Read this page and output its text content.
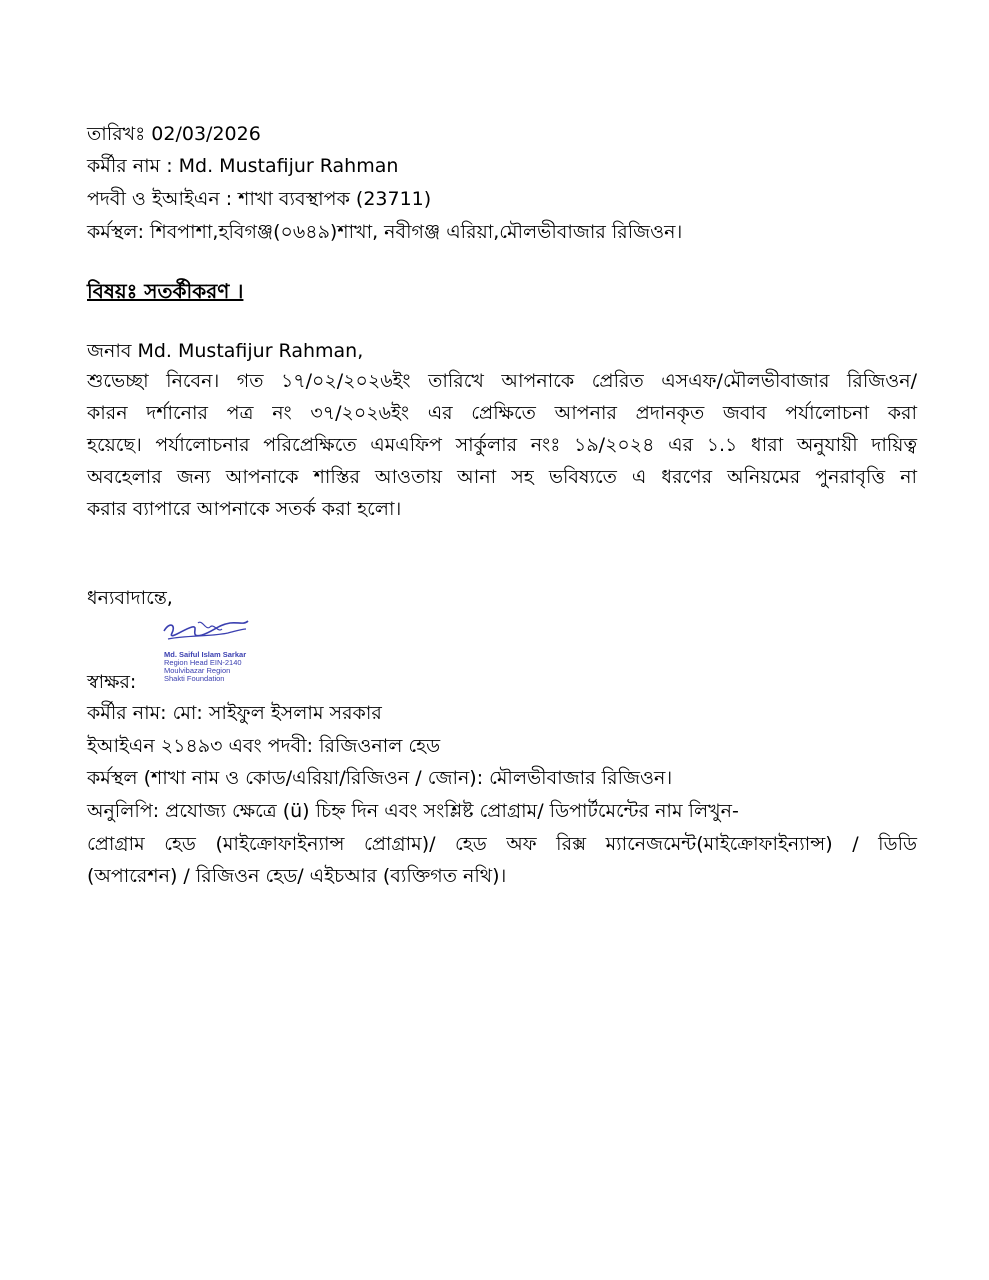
তারিখঃ 02/03/2026
কর্মীর নাম : Md. Mustafijur Rahman
পদবী ও ইআইএন : শাখা ব্যবস্থাপক (23711)
কর্মস্থল: শিবপাশা,হবিগঞ্জ(০৬৪৯)শাখা, নবীগঞ্জ এরিয়া,মৌলভীবাজার রিজিওন।
বিষয়ঃ সতর্কীকরণ ।
জনাব Md. Mustafijur Rahman,
শুভেচ্ছা নিবেন। গত ১৭/০২/২০২৬ইং তারিখে আপনাকে প্রেরিত এসএফ/মৌলভীবাজার রিজিওন/
কারন দর্শানোর পত্র নং ৩৭/২০২৬ইং এর প্রেক্ষিতে আপনার প্রদানকৃত জবাব পর্যালোচনা করা
হয়েছে। পর্যালোচনার পরিপ্রেক্ষিতে এমএফিপ সার্কুলার নংঃ ১৯/২০২৪ এর ১.১ ধারা অনুযায়ী দায়িত্ব
অবহেলার জন্য আপনাকে শাস্তির আওতায় আনা সহ ভবিষ্যতে এ ধরণের অনিয়মের পুনরাবৃত্তি না
করার ব্যাপারে আপনাকে সতর্ক করা হলো।
ধন্যবাদান্তে,
Md. Saiful Islam Sarkar
Region Head EIN-2140
Moulvibazar Region
Shakti Foundation
স্বাক্ষর:
কর্মীর নাম: মো: সাইফুল ইসলাম সরকার
ইআইএন ২১৪৯৩ এবং পদবী: রিজিওনাল হেড
কর্মস্থল (শাখা নাম ও কোড/এরিয়া/রিজিওন / জোন): মৌলভীবাজার রিজিওন।
অনুলিপি: প্রযোজ্য ক্ষেত্রে (ü) চিহ্ন দিন এবং সংশ্লিষ্ট প্রোগ্রাম/ ডিপার্টমেন্টের নাম লিখুন-
প্রোগ্রাম হেড (মাইক্রোফাইন্যান্স প্রোগ্রাম)/ হেড অফ রিক্স ম্যানেজমেন্ট(মাইক্রোফাইন্যান্স) / ডিডি
(অপারেশন) / রিজিওন হেড/ এইচআর (ব্যক্তিগত নথি)।
